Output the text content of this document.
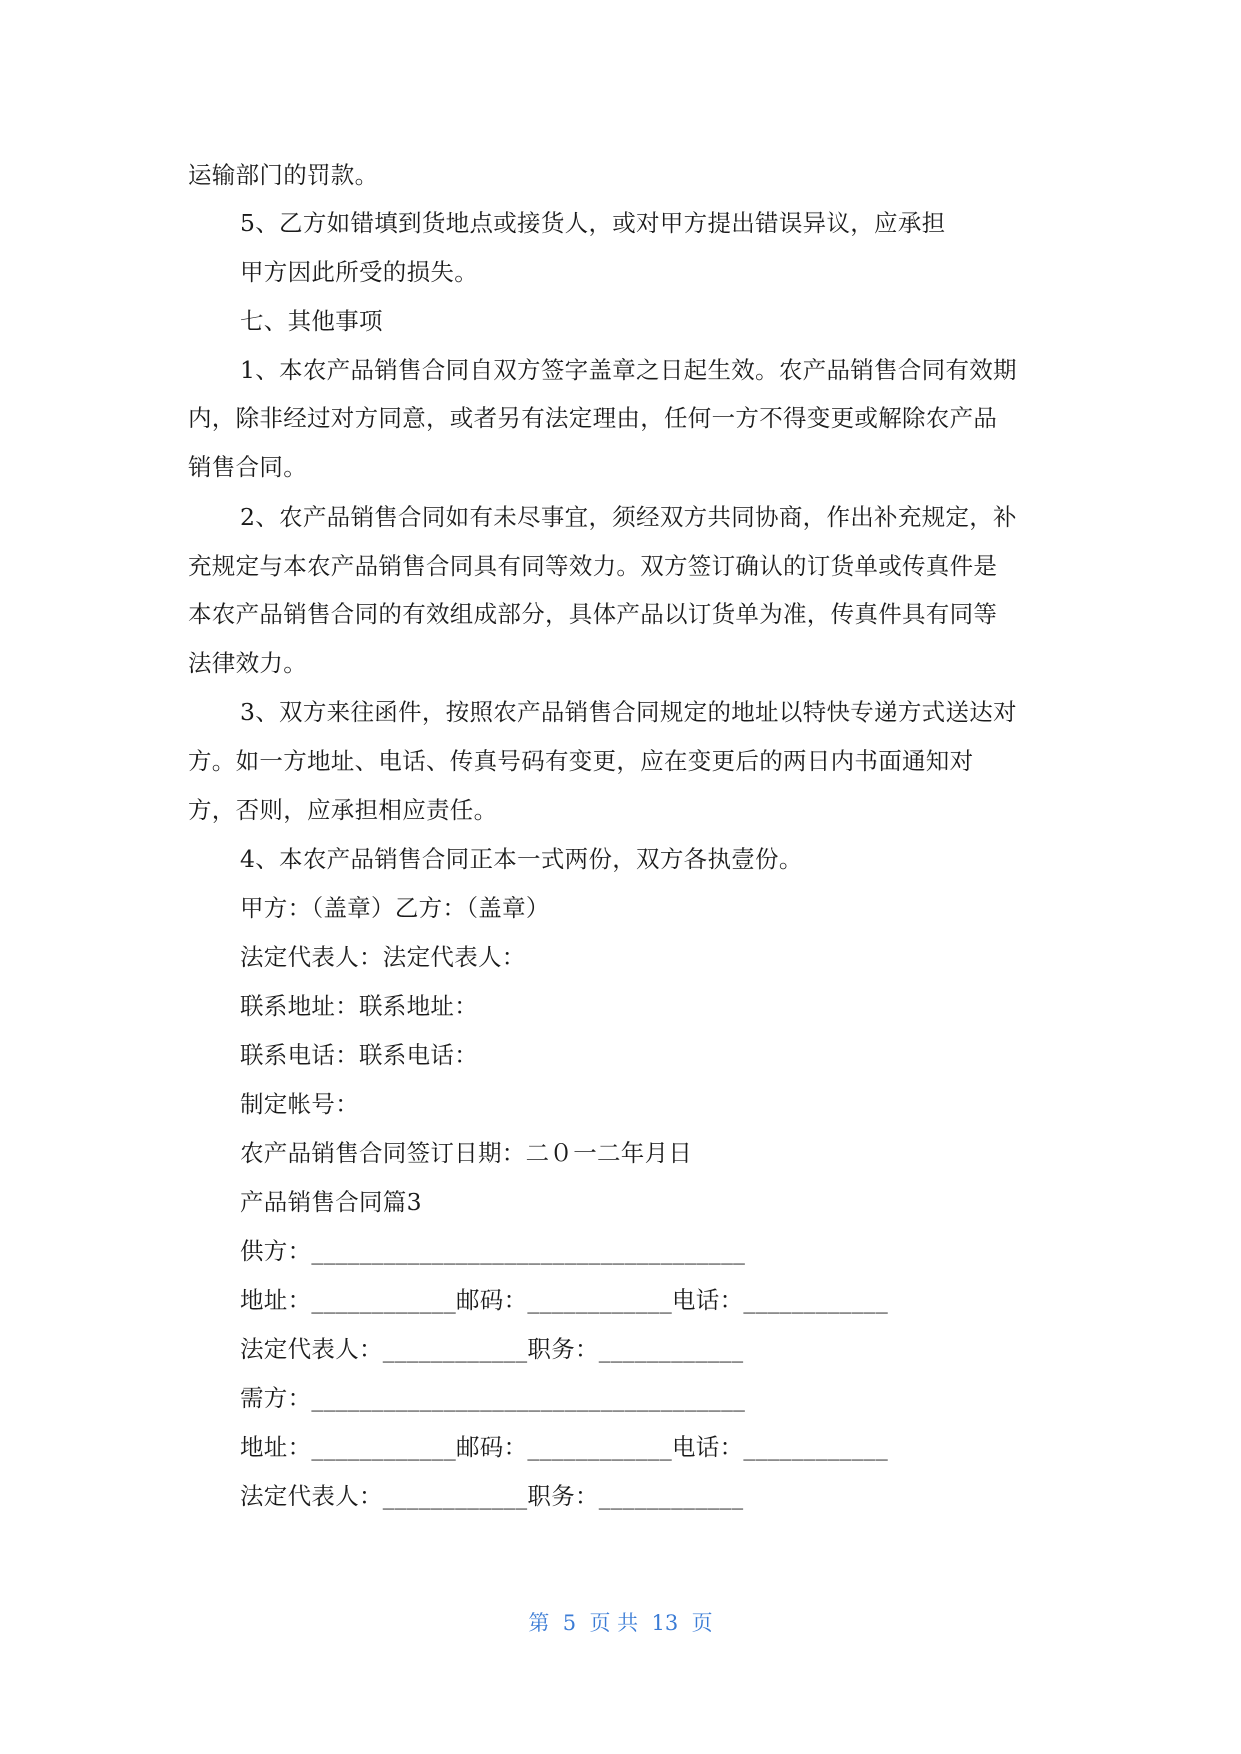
运输部门的罚款。
5、乙方如错填到货地点或接货人，或对甲方提出错误异议，应承担
甲方因此所受的损失。
七、其他事项
1、本农产品销售合同自双方签字盖章之日起生效。农产品销售合同有效期
内，除非经过对方同意，或者另有法定理由，任何一方不得变更或解除农产品
销售合同。
2、农产品销售合同如有未尽事宜，须经双方共同协商，作出补充规定，补
充规定与本农产品销售合同具有同等效力。双方签订确认的订货单或传真件是
本农产品销售合同的有效组成部分，具体产品以订货单为准，传真件具有同等
法律效力。
3、双方来往函件，按照农产品销售合同规定的地址以特快专递方式送达对
方。如一方地址、电话、传真号码有变更，应在变更后的两日内书面通知对
方，否则，应承担相应责任。
4、本农产品销售合同正本一式两份，双方各执壹份。
甲方：（盖章）乙方：（盖章）
法定代表人：法定代表人：
联系地址：联系地址：
联系电话：联系电话：
制定帐号：
农产品销售合同签订日期：二０一二年月日
产品销售合同篇3
供方：____________________________________
地址：____________邮码：____________电话：____________
法定代表人：____________职务：____________
需方：____________________________________
地址：____________邮码：____________电话：____________
法定代表人：____________职务：____________
第  5  页 共  13  页
